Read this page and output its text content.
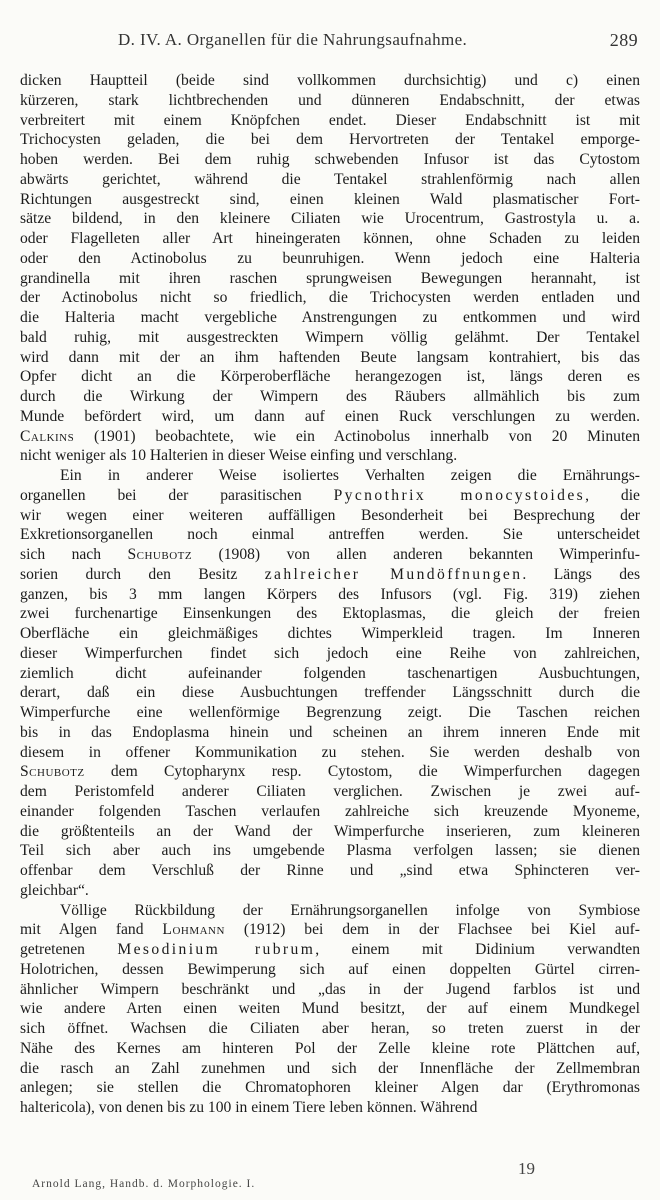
D. IV. A. Organellen für die Nahrungsaufnahme.	289
dicken Hauptteil (beide sind vollkommen durchsichtig) und c) einen
kürzeren, stark lichtbrechenden und dünneren Endabschnitt, der etwas
verbreitert mit einem Knöpfchen endet. Dieser Endabschnitt ist mit
Trichocysten geladen, die bei dem Hervortreten der Tentakel emporge-
hoben werden. Bei dem ruhig schwebenden Infusor ist das Cytostom
abwärts gerichtet, während die Tentakel strahlenförmig nach allen
Richtungen ausgestreckt sind, einen kleinen Wald plasmatischer Fort-
sätze bildend, in den kleinere Ciliaten wie Urocentrum, Gastrostyla u. a.
oder Flagelleten aller Art hineingeraten können, ohne Schaden zu leiden
oder den Actinobolus zu beunruhigen. Wenn jedoch eine Halteria
grandinella mit ihren raschen sprungweisen Bewegungen herannaht, ist
der Actinobolus nicht so friedlich, die Trichocysten werden entladen und
die Halteria macht vergebliche Anstrengungen zu entkommen und wird
bald ruhig, mit ausgestreckten Wimpern völlig gelähmt. Der Tentakel
wird dann mit der an ihm haftenden Beute langsam kontrahiert, bis das
Opfer dicht an die Körperoberfläche herangezogen ist, längs deren es
durch die Wirkung der Wimpern des Räubers allmählich bis zum
Munde befördert wird, um dann auf einen Ruck verschlungen zu werden.
Calkins (1901) beobachtete, wie ein Actinobolus innerhalb von 20 Minuten
nicht weniger als 10 Halterien in dieser Weise einfing und verschlang.
Ein in anderer Weise isoliertes Verhalten zeigen die Ernährungs-
organellen bei der parasitischen Pycnothrix monocystoides, die
wir wegen einer weiteren auffälligen Besonderheit bei Besprechung der
Exkretionsorganellen noch einmal antreffen werden. Sie unterscheidet
sich nach Schubotz (1908) von allen anderen bekannten Wimperinfu-
sorien durch den Besitz zahlreicher Mundöffnungen. Längs des
ganzen, bis 3 mm langen Körpers des Infusors (vgl. Fig. 319) ziehen
zwei furchenartige Einsenkungen des Ektoplasmas, die gleich der freien
Oberfläche ein gleichmäßiges dichtes Wimperkleid tragen. Im Inneren
dieser Wimperfurchen findet sich jedoch eine Reihe von zahlreichen,
ziemlich dicht aufeinander folgenden taschenartigen Ausbuchtungen,
derart, daß ein diese Ausbuchtungen treffender Längsschnitt durch die
Wimperfurche eine wellenförmige Begrenzung zeigt. Die Taschen reichen
bis in das Endoplasma hinein und scheinen an ihrem inneren Ende mit
diesem in offener Kommunikation zu stehen. Sie werden deshalb von
Schubotz dem Cytopharynx resp. Cytostom, die Wimperfurchen dagegen
dem Peristomfeld anderer Ciliaten verglichen. Zwischen je zwei auf-
einander folgenden Taschen verlaufen zahlreiche sich kreuzende Myoneme,
die größtenteils an der Wand der Wimperfurche inserieren, zum kleineren
Teil sich aber auch ins umgebende Plasma verfolgen lassen; sie dienen
offenbar dem Verschluß der Rinne und „sind etwa Sphincteren ver-
gleichbar“.
Völlige Rückbildung der Ernährungsorganellen infolge von Symbiose
mit Algen fand Lohmann (1912) bei dem in der Flachsee bei Kiel auf-
getretenen Mesodinium rubrum, einem mit Didinium verwandten
Holotrichen, dessen Bewimperung sich auf einen doppelten Gürtel cirren-
ähnlicher Wimpern beschränkt und „das in der Jugend farblos ist und
wie andere Arten einen weiten Mund besitzt, der auf einem Mundkegel
sich öffnet. Wachsen die Ciliaten aber heran, so treten zuerst in der
Nähe des Kernes am hinteren Pol der Zelle kleine rote Plättchen auf,
die rasch an Zahl zunehmen und sich der Innenfläche der Zellmembran
anlegen; sie stellen die Chromatophoren kleiner Algen dar (Erythromonas
haltericola), von denen bis zu 100 in einem Tiere leben können. Während
Arnold Lang, Handb. d. Morphologie. I.
19
